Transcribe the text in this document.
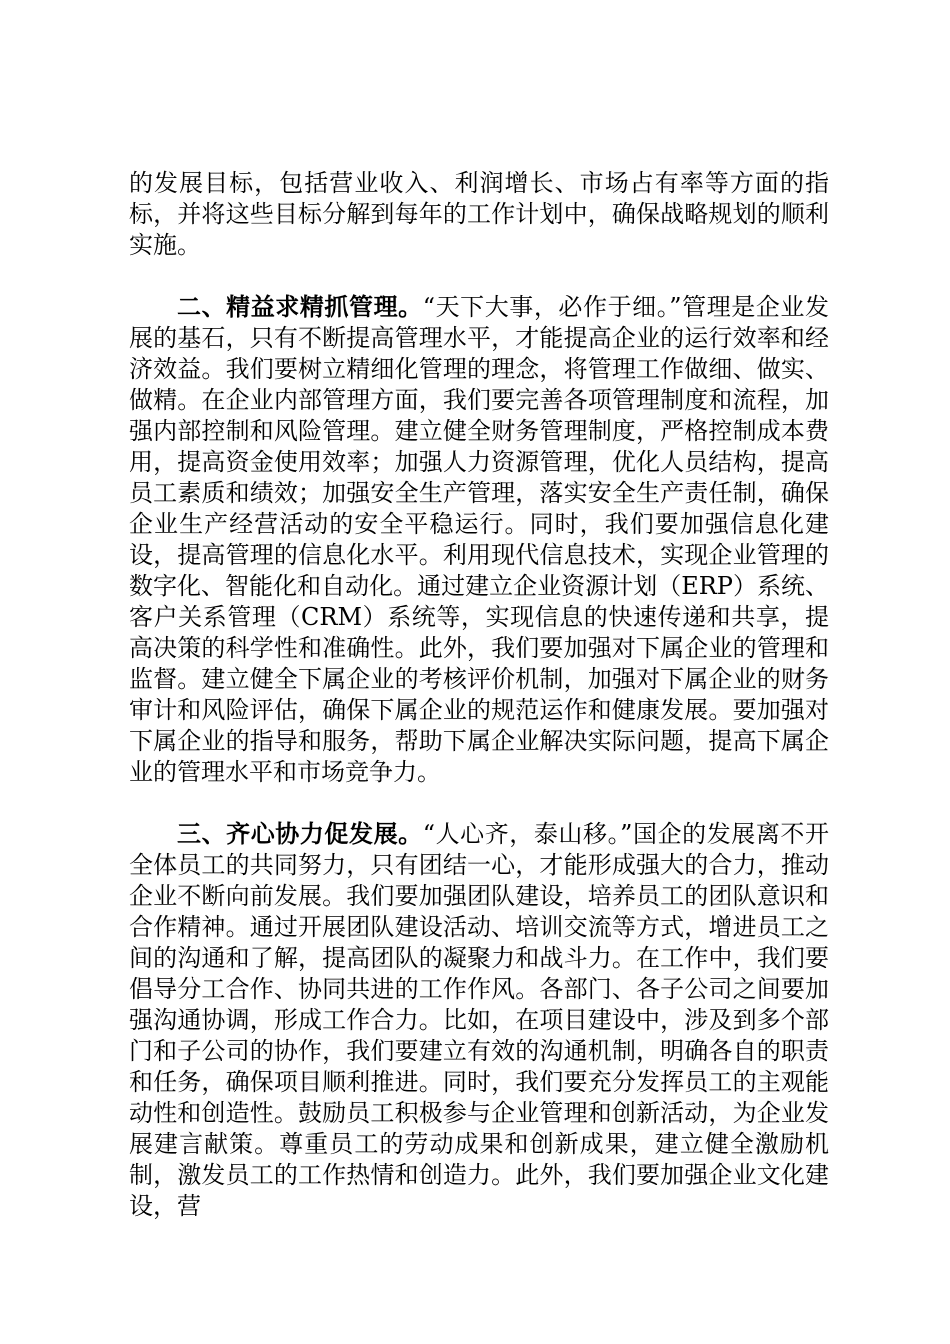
的发展目标，包括营业收入、利润增长、市场占有率等方面的指标，并将这些目标分解到每年的工作计划中，确保战略规划的顺利实施。

二、精益求精抓管理。“天下大事，必作于细。”管理是企业发展的基石，只有不断提高管理水平，才能提高企业的运行效率和经济效益。我们要树立精细化管理的理念，将管理工作做细、做实、做精。在企业内部管理方面，我们要完善各项管理制度和流程，加强内部控制和风险管理。建立健全财务管理制度，严格控制成本费用，提高资金使用效率；加强人力资源管理，优化人员结构，提高员工素质和绩效；加强安全生产管理，落实安全生产责任制，确保企业生产经营活动的安全平稳运行。同时，我们要加强信息化建设，提高管理的信息化水平。利用现代信息技术，实现企业管理的数字化、智能化和自动化。通过建立企业资源计划（ERP）系统、客户关系管理（CRM）系统等，实现信息的快速传递和共享，提高决策的科学性和准确性。此外，我们要加强对下属企业的管理和监督。建立健全下属企业的考核评价机制，加强对下属企业的财务审计和风险评估，确保下属企业的规范运作和健康发展。要加强对下属企业的指导和服务，帮助下属企业解决实际问题，提高下属企业的管理水平和市场竞争力。

三、齐心协力促发展。“人心齐，泰山移。”国企的发展离不开全体员工的共同努力，只有团结一心，才能形成强大的合力，推动企业不断向前发展。我们要加强团队建设，培养员工的团队意识和合作精神。通过开展团队建设活动、培训交流等方式，增进员工之间的沟通和了解，提高团队的凝聚力和战斗力。在工作中，我们要倡导分工合作、协同共进的工作作风。各部门、各子公司之间要加强沟通协调，形成工作合力。比如，在项目建设中，涉及到多个部门和子公司的协作，我们要建立有效的沟通机制，明确各自的职责和任务，确保项目顺利推进。同时，我们要充分发挥员工的主观能动性和创造性。鼓励员工积极参与企业管理和创新活动，为企业发展建言献策。尊重员工的劳动成果和创新成果，建立健全激励机制，激发员工的工作热情和创造力。此外，我们要加强企业文化建设，营
